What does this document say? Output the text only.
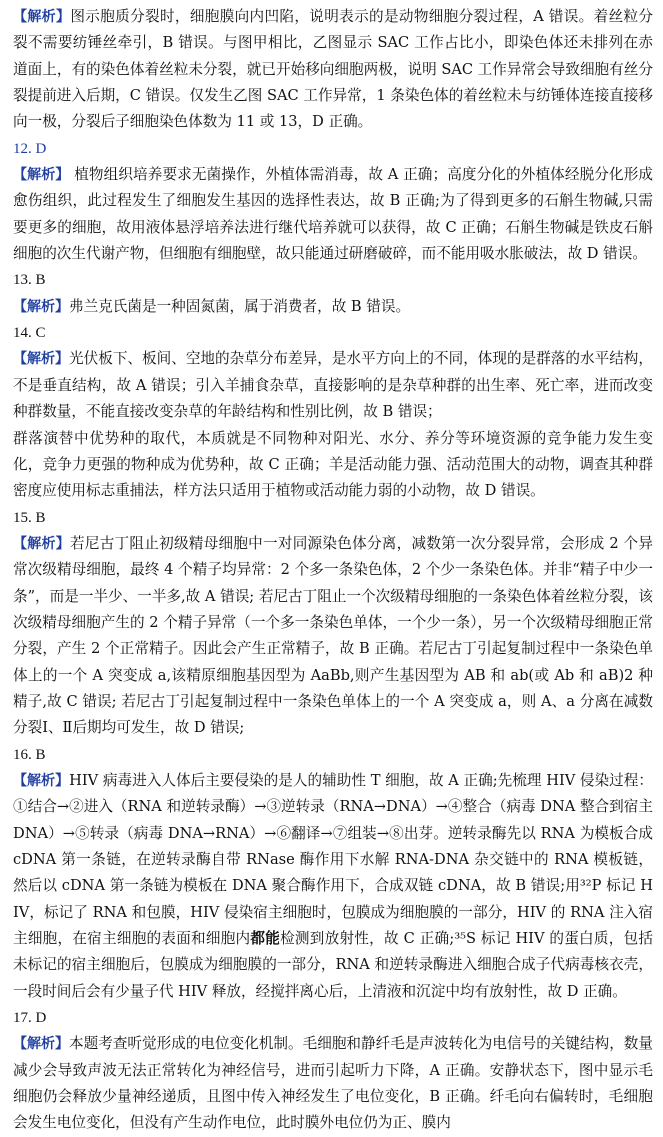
【解析】图示胞质分裂时，细胞膜向内凹陷，说明表示的是动物细胞分裂过程，A 错误。着丝粒分裂不需要纺锤丝牵引，B 错误。与图甲相比，乙图显示 SAC 工作占比小，即染色体还未排列在赤道面上，有的染色体着丝粒未分裂，就已开始移向细胞两极，说明 SAC 工作异常会导致细胞有丝分裂提前进入后期，C 错误。仅发生乙图 SAC 工作异常，1 条染色体的着丝粒未与纺锤体连接直接移向一极，分裂后子细胞染色体数为 11 或 13，D 正确。

12. D

【解析】 植物组织培养要求无菌操作，外植体需消毒，故 A 正确；高度分化的外植体经脱分化形成愈伤组织，此过程发生了细胞发生基因的选择性表达，故 B 正确;为了得到更多的石斛生物碱,只需要更多的细胞，故用液体悬浮培养法进行继代培养就可以获得，故 C 正确；石斛生物碱是铁皮石斛细胞的次生代谢产物，但细胞有细胞壁，故只能通过研磨破碎，而不能用吸水胀破法，故 D 错误。

13. B

【解析】弗兰克氏菌是一种固氮菌，属于消费者，故 B 错误。

14. C

【解析】光伏板下、板间、空地的杂草分布差异，是水平方向上的不同，体现的是群落的水平结构，不是垂直结构，故 A 错误；引入羊捕食杂草，直接影响的是杂草种群的出生率、死亡率，进而改变种群数量，不能直接改变杂草的年龄结构和性别比例，故 B 错误；
群落演替中优势种的取代，本质就是不同物种对阳光、水分、养分等环境资源的竞争能力发生变化，竞争力更强的物种成为优势种，故 C 正确；羊是活动能力强、活动范围大的动物，调查其种群密度应使用标志重捕法，样方法只适用于植物或活动能力弱的小动物，故 D 错误。

15. B

【解析】若尼古丁阻止初级精母细胞中一对同源染色体分离，减数第一次分裂异常，会形成 2 个异常次级精母细胞，最终 4 个精子均异常：2 个多一条染色体，2 个少一条染色体。并非“精子中少一条”，而是一半少、一半多,故 A 错误; 若尼古丁阻止一个次级精母细胞的一条染色体着丝粒分裂，该次级精母细胞产生的 2 个精子异常（一个多一条染色单体，一个少一条），另一个次级精母细胞正常分裂，产生 2 个正常精子。因此会产生正常精子，故 B 正确。若尼古丁引起复制过程中一条染色单体上的一个 A 突变成 a,该精原细胞基因型为 AaBb,则产生基因型为 AB 和 ab(或 Ab 和 aB)2 种精子,故 C 错误; 若尼古丁引起复制过程中一条染色单体上的一个 A 突变成 a，则 A、a 分离在减数分裂Ⅰ、Ⅱ后期均可发生，故 D 错误;

16. B

【解析】HIV 病毒进入人体后主要侵染的是人的辅助性 T 细胞，故 A 正确;先梳理 HIV 侵染过程：①结合→②进入（RNA 和逆转录酶）→③逆转录（RNA→DNA）→④整合（病毒 DNA 整合到宿主 DNA）→⑤转录（病毒 DNA→RNA）→⑥翻译→⑦组装→⑧出芽。逆转录酶先以 RNA 为模板合成 cDNA 第一条链，在逆转录酶自带 RNase 酶作用下水解 RNA-DNA 杂交链中的 RNA 模板链，然后以 cDNA 第一条链为模板在 DNA 聚合酶作用下，合成双链 cDNA，故 B 错误;用³²P 标记 HIV，标记了 RNA 和包膜，HIV 侵染宿主细胞时，包膜成为细胞膜的一部分，HIV 的 RNA 注入宿主细胞，在宿主细胞的表面和细胞内都能检测到放射性，故 C 正确;³⁵S 标记 HIV 的蛋白质，包括未标记的宿主细胞后，包膜成为细胞膜的一部分，RNA 和逆转录酶进入细胞合成子代病毒核衣壳，一段时间后会有少量子代 HIV 释放，经搅拌离心后，上清液和沉淀中均有放射性，故 D 正确。

17. D

【解析】本题考查听觉形成的电位变化机制。毛细胞和静纤毛是声波转化为电信号的关键结构，数量减少会导致声波无法正常转化为神经信号，进而引起听力下降，A 正确。安静状态下，图中显示毛细胞仍会释放少量神经递质，且图中传入神经发生了电位变化，B 正确。纤毛向右偏转时，毛细胞会发生电位变化，但没有产生动作电位，此时膜外电位仍为正、膜内
